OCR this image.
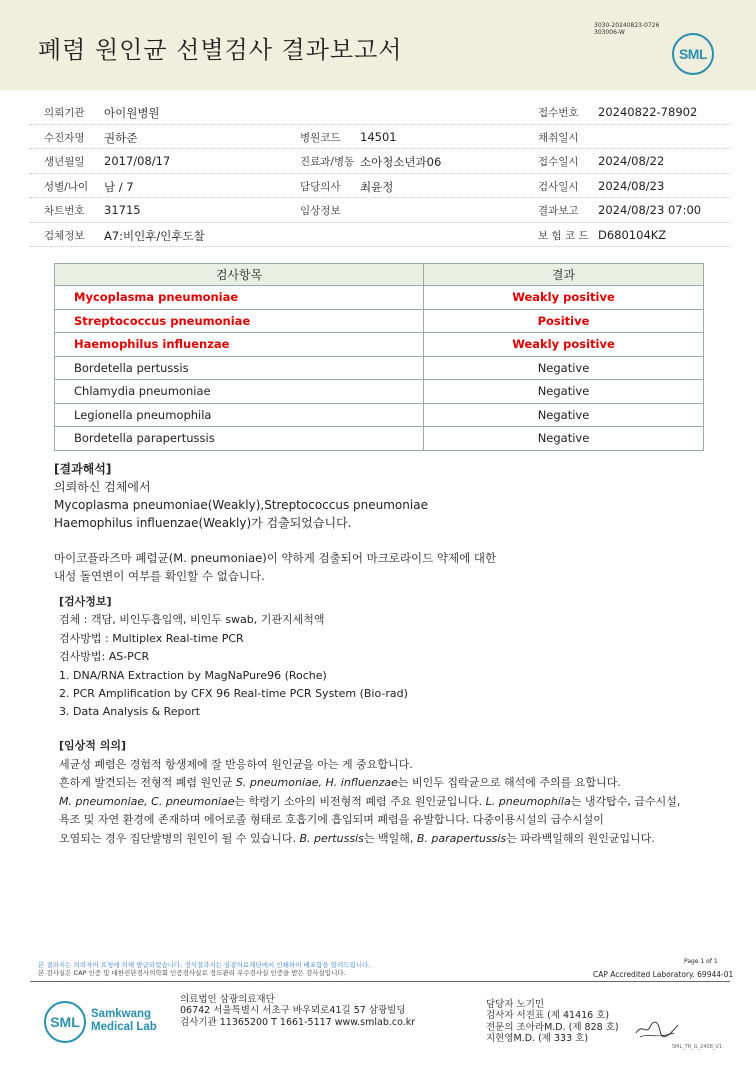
폐렴 원인균 선별검사 결과보고서
3030-20240823-0726
303006-W
SML
의뢰기관 아이원병원	접수번호 20240822-78902
수진자명 권하준	병원코드 14501	채취일시
생년월일 2017/08/17	진료과/병동 소아청소년과06	접수일시 2024/08/22
성별/나이 남 / 7	담당의사 최윤정	검사일시 2024/08/23
차트번호 31715	임상정보	결과보고 2024/08/23 07:00
검체정보 A7:비인후/인후도찰	보 험 코 드 D680104KZ
검사항목	결과
Mycoplasma pneumoniae	Weakly positive
Streptococcus pneumoniae	Positive
Haemophilus influenzae	Weakly positive
Bordetella pertussis	Negative
Chlamydia pneumoniae	Negative
Legionella pneumophila	Negative
Bordetella parapertussis	Negative
[결과해석]
의뢰하신 검체에서
Mycoplasma pneumoniae(Weakly),Streptococcus pneumoniae
Haemophilus influenzae(Weakly)가 검출되었습니다.
마이코플라즈마 폐렴균(M. pneumoniae)이 약하게 검출되어 마크로라이드 약제에 대한
내성 돌연변이 여부를 확인할 수 없습니다.
[검사정보]
검체 : 객담, 비인두흡입액, 비인두 swab, 기관지세척액
검사방법 : Multiplex Real-time PCR
검사방법: AS-PCR
1. DNA/RNA Extraction by MagNaPure96 (Roche)
2. PCR Amplification by CFX 96 Real-time PCR System (Bio-rad)
3. Data Analysis & Report
[임상적 의의]
세균성 폐렴은 경험적 항생제에 잘 반응하여 원인균을 아는 게 중요합니다.
흔하게 발견되는 전형적 폐렴 원인균 S. pneumoniae, H. influenzae는 비인두 집락균으로 해석에 주의를 요합니다.
M. pneumoniae, C. pneumoniae는 학령기 소아의 비전형적 폐렴 주요 원인균입니다. L. pneumophila는 냉각탑수, 급수시설,
욕조 및 자연 환경에 존재하며 에어로졸 형태로 호흡기에 흡입되며 폐렴을 유발합니다. 다중이용시설의 급수시설이
오염되는 경우 집단발병의 원인이 될 수 있습니다. B. pertussis는 백일해, B. parapertussis는 파라백일해의 원인균입니다.
본 결과지는 의뢰자의 요청에 의해 발급되었습니다. 정식결과지는 삼광의료재단에서 인쇄하여 배포함을 알려드립니다.
본 검사실은 CAP 인증 및 대한진단검사의학회 인증검사실로 정도관리 우수검사실 인증을 받은 검사실입니다.
Page 1 of 1
CAP Accredited Laboratory. 69944-01
SML Samkwang
Medical Lab
의료법인 삼광의료재단
06742 서울특별시 서초구 바우뫼로41길 57 삼광빌딩
검사기관 11365200 T 1661-5117 www.smlab.co.kr
담당자 노기민
검사자 서진표 (제 41416 호)
전문의 조아라M.D. (제 828 호)
지현영M.D. (제 333 호)
SML_TR_G_2408_V1
